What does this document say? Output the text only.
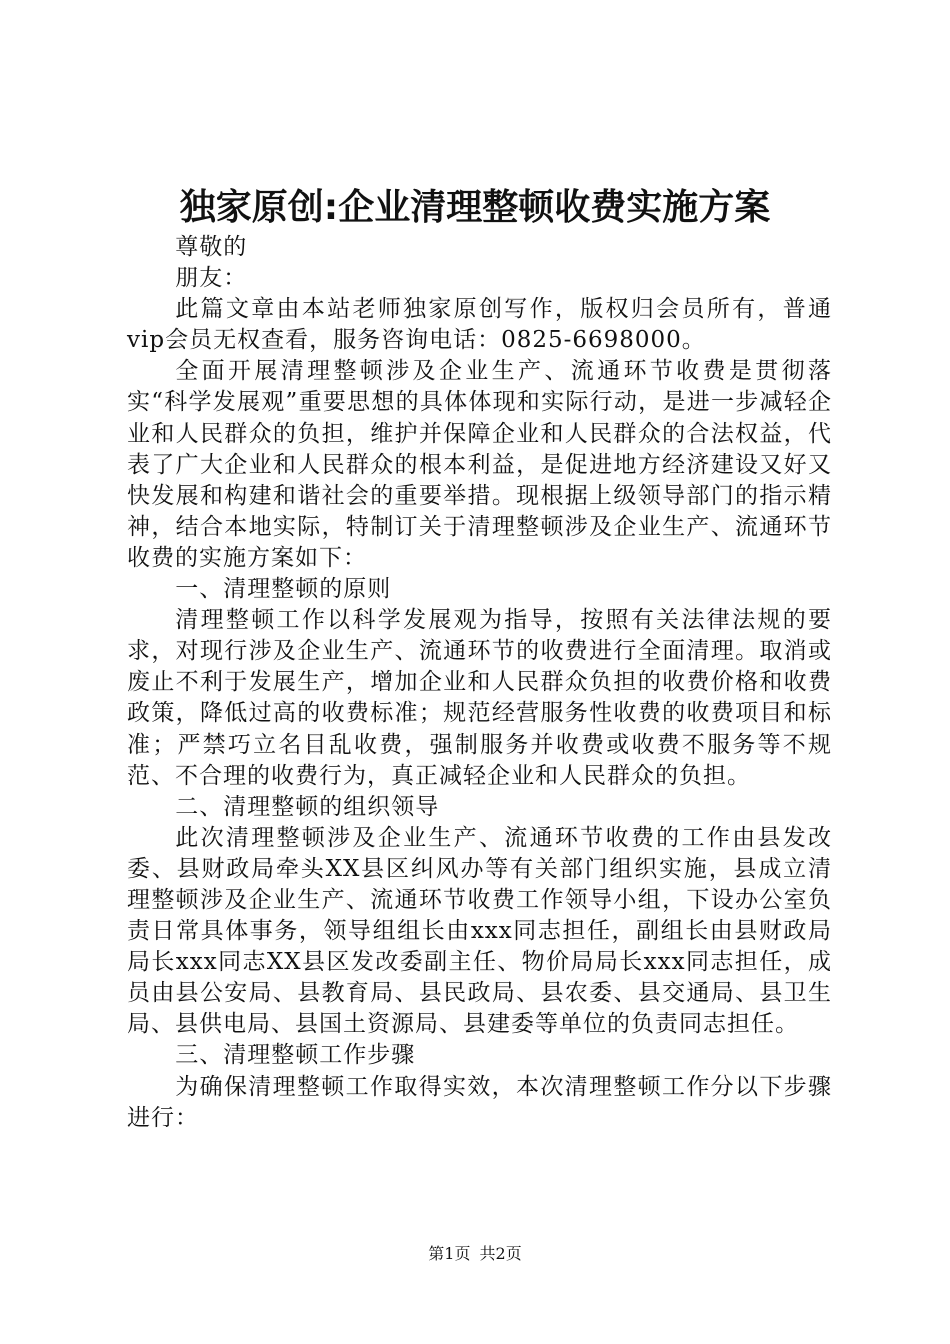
独家原创:企业清理整顿收费实施方案

尊敬的

朋友：

此篇文章由本站老师独家原创写作，版权归会员所有，普通vip会员无权查看，服务咨询电话：0825-6698000。

全面开展清理整顿涉及企业生产、流通环节收费是贯彻落实“科学发展观”重要思想的具体体现和实际行动，是进一步减轻企业和人民群众的负担，维护并保障企业和人民群众的合法权益，代表了广大企业和人民群众的根本利益，是促进地方经济建设又好又快发展和构建和谐社会的重要举措。现根据上级领导部门的指示精神，结合本地实际，特制订关于清理整顿涉及企业生产、流通环节收费的实施方案如下：

一、清理整顿的原则

清理整顿工作以科学发展观为指导，按照有关法律法规的要求，对现行涉及企业生产、流通环节的收费进行全面清理。取消或废止不利于发展生产，增加企业和人民群众负担的收费价格和收费政策，降低过高的收费标准；规范经营服务性收费的收费项目和标准；严禁巧立名目乱收费，强制服务并收费或收费不服务等不规范、不合理的收费行为，真正减轻企业和人民群众的负担。

二、清理整顿的组织领导

此次清理整顿涉及企业生产、流通环节收费的工作由县发改委、县财政局牵头XX县区纠风办等有关部门组织实施，县成立清理整顿涉及企业生产、流通环节收费工作领导小组，下设办公室负责日常具体事务，领导组组长由xxx同志担任，副组长由县财政局局长xxx同志XX县区发改委副主任、物价局局长xxx同志担任，成员由县公安局、县教育局、县民政局、县农委、县交通局、县卫生局、县供电局、县国土资源局、县建委等单位的负责同志担任。

三、清理整顿工作步骤

为确保清理整顿工作取得实效，本次清理整顿工作分以下步骤进行：

第1页 共2页
